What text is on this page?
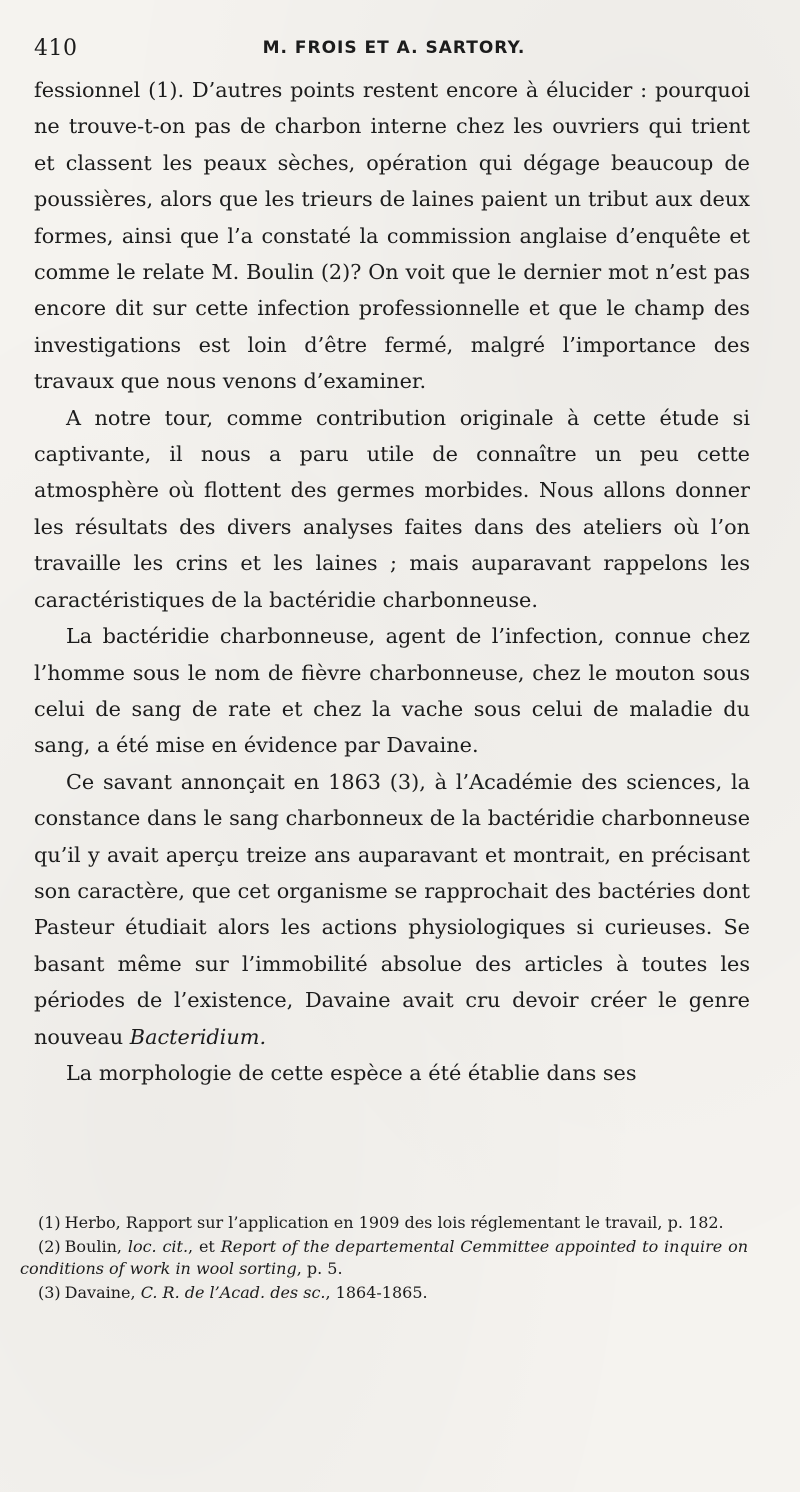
410	M. FROIS ET A. SARTORY.

fessionnel (1). D’autres points restent encore à élucider : pourquoi ne trouve-t-on pas de charbon interne chez les ouvriers qui trient et classent les peaux sèches, opération qui dégage beaucoup de poussières, alors que les trieurs de laines paient un tribut aux deux formes, ainsi que l’a constaté la commission anglaise d’enquête et comme le relate M. Boulin (2)? On voit que le dernier mot n’est pas encore dit sur cette infection professionnelle et que le champ des investigations est loin d’être fermé, malgré l’importance des travaux que nous venons d’examiner.

A notre tour, comme contribution originale à cette étude si captivante, il nous a paru utile de connaître un peu cette atmosphère où flottent des germes morbides. Nous allons donner les résultats des divers analyses faites dans des ateliers où l’on travaille les crins et les laines ; mais auparavant rappelons les caractéristiques de la bactéridie charbonneuse.

La bactéridie charbonneuse, agent de l’infection, connue chez l’homme sous le nom de fièvre charbonneuse, chez le mouton sous celui de sang de rate et chez la vache sous celui de maladie du sang, a été mise en évidence par Davaine.

Ce savant annonçait en 1863 (3), à l’Académie des sciences, la constance dans le sang charbonneux de la bactéridie charbonneuse qu’il y avait aperçu treize ans auparavant et montrait, en précisant son caractère, que cet organisme se rapprochait des bactéries dont Pasteur étudiait alors les actions physiologiques si curieuses. Se basant même sur l’immobilité absolue des articles à toutes les périodes de l’existence, Davaine avait cru devoir créer le genre nouveau Bacteridium.

La morphologie de cette espèce a été établie dans ses

(1) Herbo, Rapport sur l’application en 1909 des lois réglementant le travail, p. 182.

(2) Boulin, loc. cit., et Report of the departemental Cemmittee appointed to inquire on conditions of work in wool sorting, p. 5.

(3) Davaine, C. R. de l’Acad. des sc., 1864-1865.
